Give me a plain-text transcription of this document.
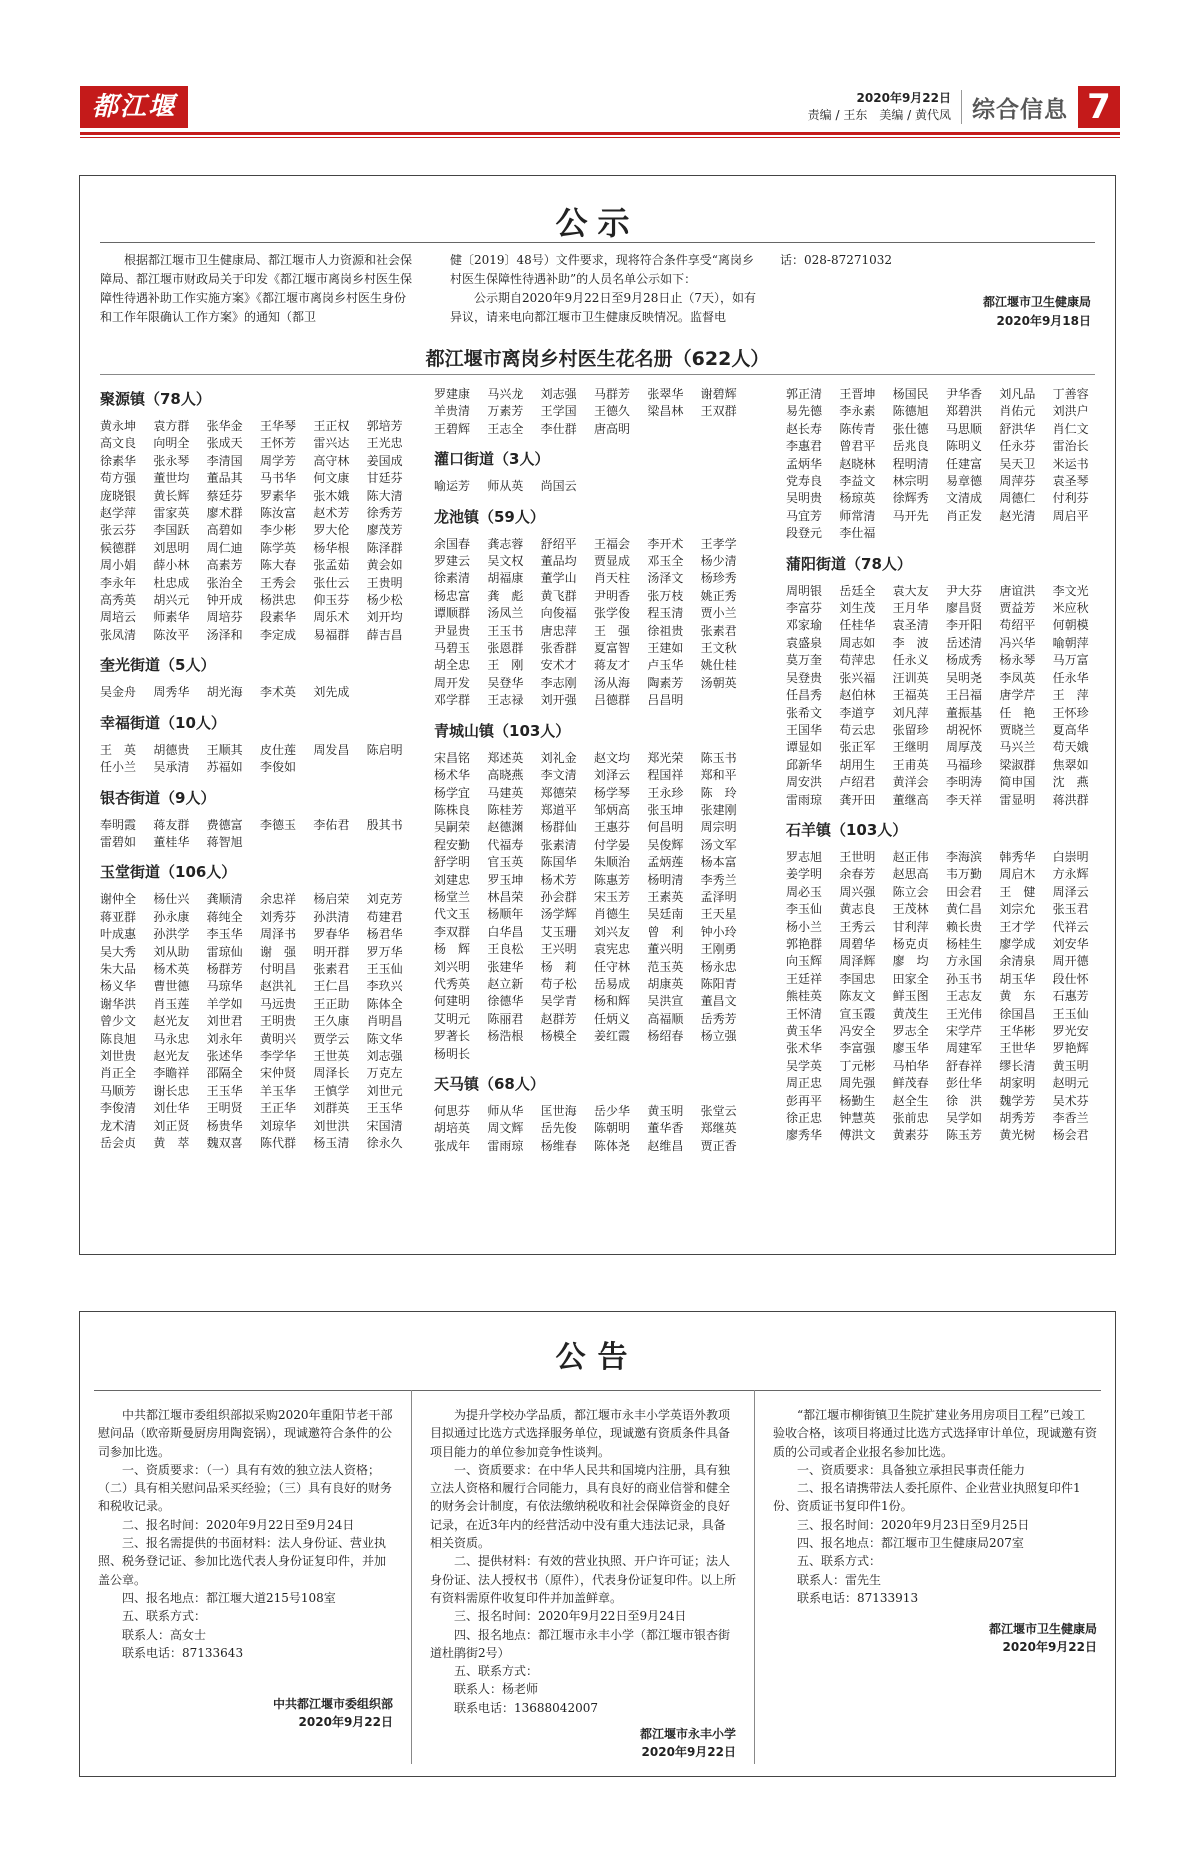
都江堰报
2020年9月22日
责编 / 王东　美编 / 黄代凤 综合信息 7
公示
根据都江堰市卫生健康局、都江堰市人力资源和社会保障局、都江堰市财政局关于印发《都江堰市离岗乡村医生保障性待遇补助工作实施方案》《都江堰市离岗乡村医生身份和工作年限确认工作方案》的通知（都卫
健〔2019〕48号）文件要求，现将符合条件享受“离岗乡村医生保障性待遇补助”的人员名单公示如下：
公示期自2020年9月22日至9月28日止（7天），如有异议，请来电向都江堰市卫生健康反映情况。监督电
话：028-87271032
都江堰市卫生健康局
2020年9月18日
都江堰市离岗乡村医生花名册（622人）
聚源镇（78人）
黄永坤	袁方群	张华金	王华琴	王正权	郭培芳
高文良	向明全	张成天	王怀芳	雷兴达	王光忠
徐素华	张永琴	李清国	周学芳	高守林	姜国成
苟方强	董世均	董品其	马书华	何文康	甘廷芬
庞晓银	黄长辉	蔡廷芬	罗素华	张木娥	陈大清
赵学萍	雷家英	廖术群	陈汝富	赵术芳	徐秀芳
张云芬	李国跃	高碧如	李少彬	罗大伦	廖茂芳
候德群	刘思明	周仁迪	陈学英	杨华根	陈泽群
周小娟	薛小林	高素芳	陈大春	张孟茹	黄会如
李永年	杜忠成	张治全	王秀会	张仕云	王贵明
高秀英	胡兴元	钟开成	杨洪忠	仰玉芬	杨少松
周培云	师素华	周培芬	段素华	周乐术	刘开均
张凤清	陈汝平	汤泽和	李定成	易福群	薛吉昌
奎光街道（5人）
吴金舟	周秀华	胡光海	李术英	刘先成
幸福街道（10人）
王　英	胡德贵	王顺其	皮仕莲	周发昌	陈启明
任小兰	吴承清	苏福如	李俊如
银杏街道（9人）
奉明霞	蒋友群	费德富	李德玉	李佑君	殷其书
雷碧如	董桂华	蒋智旭
玉堂街道（106人）
谢仲全	杨仕兴	龚顺清	余忠祥	杨启荣	刘克芳
蒋亚群	孙永康	蒋纯全	刘秀芬	孙洪清	苟建君
叶成惠	孙洪学	李玉华	周泽书	罗春华	杨君华
吴大秀	刘从助	雷琼仙	谢　强	明开群	罗万华
朱大品	杨术英	杨群芳	付明昌	张素君	王玉仙
杨义华	曹世德	马琼华	赵洪礼	王仁昌	李玖兴
谢华洪	肖玉莲	羊学如	马远贵	王正助	陈体全
曾少文	赵光友	刘世君	王明贵	王久康	肖明昌
陈良旭	马永忠	刘永年	黄明兴	贾学云	陈文华
刘世贵	赵光友	张述华	李学华	王世英	刘志强
肖正全	李瞻祥	邵隔全	宋仲贤	周泽长	万克左
马顺芳	谢长忠	王玉华	羊玉华	王慎学	刘世元
李俊清	刘仕华	王明贤	王正华	刘群英	王玉华
龙术清	刘正贤	杨贵华	刘琼华	刘世洪	宋国清
岳会贞	黄　萃	魏双喜	陈代群	杨玉清	徐永久
罗建康	马兴龙	刘志强	马群芳	张翠华	谢碧辉
羊贵清	万素芳	王学国	王德久	梁昌林	王双群
王碧辉	王志全	李仕群	唐高明
灌口街道（3人）
喻运芳	师从英	尚国云
龙池镇（59人）
余国春	龚志蓉	舒绍平	王福会	李开术	王孝学
罗建云	吴文权	董品均	贾显成	邓玉全	杨少清
徐素清	胡福康	董学山	肖天柱	汤泽文	杨珍秀
杨忠富	龚　彪	黄飞群	尹明香	张万枝	姚正秀
谭顺群	汤凤兰	向俊福	张学俊	程玉清	贾小兰
尹显贵	王玉书	唐忠萍	王　强	徐祖贵	张素君
马碧玉	张恩群	张香群	夏富智	王建如	王文秋
胡全忠	王　刚	安术才	蒋友才	卢玉华	姚仕桂
周开发	吴登华	李志刚	汤从海	陶素芳	汤朝英
邓学群	王志禄	刘开强	吕德群	吕昌明
青城山镇（103人）
宋昌铭	郑述英	刘礼金	赵文均	郑光荣	陈玉书
杨术华	高晓燕	李文清	刘泽云	程国祥	郑和平
杨学宜	马建英	郑德荣	杨学琴	王永珍	陈　玲
陈株良	陈桂芳	郑道平	邹炳高	张玉坤	张建刚
吴嗣荣	赵德渊	杨群仙	王惠芬	何昌明	周宗明
程安勤	代福寿	张素清	付学晏	吴俊辉	汤文军
舒学明	官玉英	陈国华	朱顺治	孟炳莲	杨本富
刘建忠	罗玉坤	杨术芳	陈惠芳	杨明清	李秀兰
杨堂兰	林昌荣	孙会群	宋玉芳	王素英	孟泽明
代文玉	杨顺年	汤学辉	肖德生	吴廷南	王天星
李双群	白华昌	艾玉珊	刘兴友	曾　利	钟小玲
杨　辉	王良松	王兴明	袁宪忠	董兴明	王刚勇
刘兴明	张建华	杨　莉	任守林	范玉英	杨永忠
代秀英	赵立新	苟子松	岳易成	胡康英	陈阳青
何建明	徐德华	吴学青	杨和辉	吴洪宣	董昌文
艾明元	陈丽君	赵群芳	任炳义	高福顺	岳秀芳
罗著长	杨浩根	杨模全	姜红霞	杨绍春	杨立强
杨明长
天马镇（68人）
何思芬	师从华	匡世海	岳少华	黄玉明	张堂云
胡培英	周文辉	岳先俊	陈朝明	董华香	郑继英
张成年	雷雨琼	杨维春	陈体尧	赵维昌	贾正香
郭正清	王晋坤	杨国民	尹华香	刘凡品	丁善容
易先德	李永素	陈德旭	郑碧洪	肖佑元	刘洪户
赵长寿	陈传青	张仕德	马思顺	舒洪华	肖仁文
李惠君	曾君平	岳兆良	陈明义	任永芬	雷治长
孟炳华	赵晓林	程明清	任建富	吴天卫	米运书
党寿良	李益文	林宗明	易章德	周萍芬	袁圣琴
吴明贵	杨琼英	徐辉秀	文清成	周德仁	付利芬
马宜芳	师常清	马开先	肖正发	赵光清	周启平
段登元	李仕福
蒲阳街道（78人）
周明银	岳廷全	袁大友	尹大芬	唐谊洪	李文光
李富芬	刘生茂	王月华	廖昌贤	贾益芳	米应秋
邓家瑜	任桂华	袁圣清	李开阳	苟绍平	何朝模
袁盛泉	周志如	李　波	岳述清	冯兴华	喻朝萍
莫万奎	苟萍忠	任永义	杨成秀	杨永琴	马万富
吴登贵	张兴福	汪训英	吴明尧	李凤英	任永华
任昌秀	赵伯林	王福英	王吕福	唐学芹	王　萍
张希文	李道亨	刘凡萍	董振基	任　艳	王怀珍
王国华	苟云忠	张留珍	胡祝怀	贾晓兰	夏高华
谭显如	张正军	王继明	周厚茂	马兴兰	苟天娥
邱新华	胡用生	王甫英	马福珍	梁淑群	焦翠如
周安洪	卢绍君	黄洋会	李明涛	简申国	沈　燕
雷雨琼	龚开田	董继高	李天祥	雷显明	蒋洪群
石羊镇（103人）
罗志旭	王世明	赵正伟	李海滨	韩秀华	白崇明
姜学明	余春芳	赵思高	韦万勤	周启木	方永辉
周必玉	周兴强	陈立会	田会君	王　健	周泽云
李玉仙	黄志良	王茂林	黄仁昌	刘宗允	张玉君
杨小兰	王秀云	甘利萍	赖长贵	王才学	代祥云
郭艳群	周碧华	杨克贞	杨桂生	廖学成	刘安华
向玉辉	周泽辉	廖　均	方永国	余清泉	周开德
王廷祥	李国忠	田家全	孙玉书	胡玉华	段仕怀
熊桂英	陈友文	鲜玉图	王志友	黄　东	石惠芳
王怀清	宣玉霞	黄茂生	王光伟	徐国昌	王玉仙
黄玉华	冯安全	罗志全	宋学芹	王华彬	罗光安
张术华	李富强	廖玉华	周建军	王世华	罗艳辉
吴学英	丁元彬	马柏华	舒春祥	缪长清	黄玉明
周正忠	周先强	鲜茂春	彭仕华	胡家明	赵明元
彭再平	杨勤生	赵全生	徐　洪	魏学芳	吴术芬
徐正忠	钟慧英	张前忠	吴学如	胡秀芳	李香兰
廖秀华	傅洪文	黄素芬	陈玉芳	黄光树	杨会君
公告

中共都江堰市委组织部拟采购2020年重阳节老干部慰问品（欧帝斯曼厨房用陶瓷锅），现诚邀符合条件的公司参加比选。

一、资质要求：（一）具有有效的独立法人资格；（二）具有相关慰问品采买经验；（三）具有良好的财务和税收记录。

二、报名时间：2020年9月22日至9月24日

三、报名需提供的书面材料：法人身份证、营业执照、税务登记证、参加比选代表人身份证复印件，并加盖公章。

四、报名地点：都江堰大道215号108室

五、联系方式：

联系人：高女士

联系电话：87133643

中共都江堰市委组织部
2020年9月22日

为提升学校办学品质，都江堰市永丰小学英语外教项目拟通过比选方式选择服务单位，现诚邀有资质条件具备项目能力的单位参加竞争性谈判。

一、资质要求：在中华人民共和国境内注册，具有独立法人资格和履行合同能力，具有良好的商业信誉和健全的财务会计制度，有依法缴纳税收和社会保障资金的良好记录，在近3年内的经营活动中没有重大违法记录，具备相关资质。

二、提供材料：有效的营业执照、开户许可证；法人身份证、法人授权书（原件），代表身份证复印件。以上所有资料需原件收复印件并加盖鲜章。

三、报名时间：2020年9月22日至9月24日

四、报名地点：都江堰市永丰小学（都江堰市银杏街道杜鹃街2号）

五、联系方式：

联系人：杨老师

联系电话：13688042007

都江堰市永丰小学
2020年9月22日

“都江堰市柳街镇卫生院扩建业务用房项目工程”已竣工验收合格，该项目将通过比选方式选择审计单位，现诚邀有资质的公司或者企业报名参加比选。

一、资质要求：具备独立承担民事责任能力

二、报名请携带法人委托原件、企业营业执照复印件1份、资质证书复印件1份。

三、报名时间：2020年9月23日至9月25日

四、报名地点：都江堰市卫生健康局207室

五、联系方式：

联系人：雷先生

联系电话：87133913

都江堰市卫生健康局
2020年9月22日
